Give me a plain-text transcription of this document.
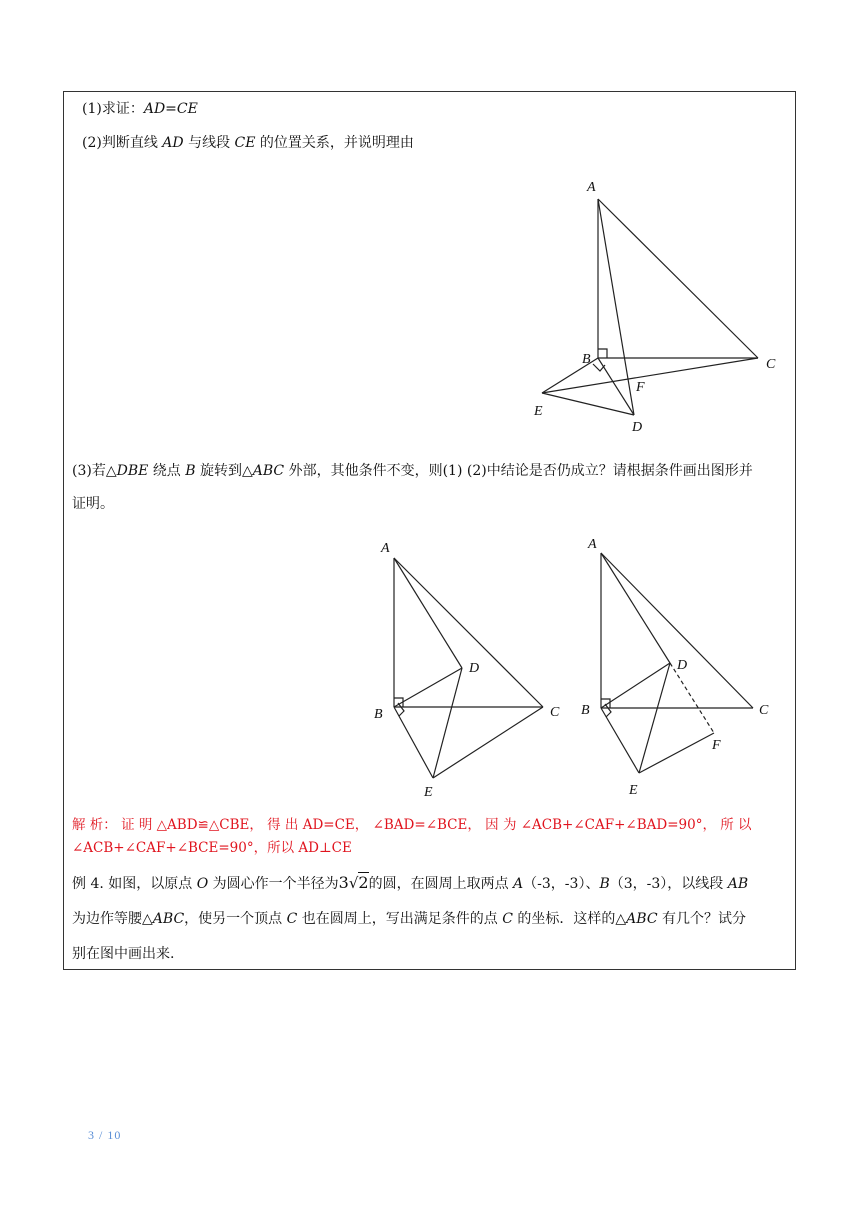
(1)求证：AD=CE
(2)判断直线 AD 与线段 CE 的位置关系，并说明理由
A
B	C
D
E
F
(3)若△DBE 绕点 B 旋转到△ABC 外部，其他条件不变，则(1) (2)中结论是否仍成立？请根据条件画出图形并
证明。
A
B	C
D
E
A
B	C
D
E
F
解 析： 证 明 △ABD≌△CBE， 得 出 AD=CE， ∠BAD=∠BCE， 因 为 ∠ACB+∠CAF+∠BAD=90°， 所 以
∠ACB+∠CAF+∠BCE=90°，所以 AD⊥CE
例 4. 如图，以原点 O 为圆心作一个半径为3√2的圆，在圆周上取两点 A（-3，-3）、B（3，-3），以线段 AB
为边作等腰△ABC，使另一个顶点 C 也在圆周上，写出满足条件的点 C 的坐标．这样的△ABC 有几个？试分
别在图中画出来.
3 / 10
